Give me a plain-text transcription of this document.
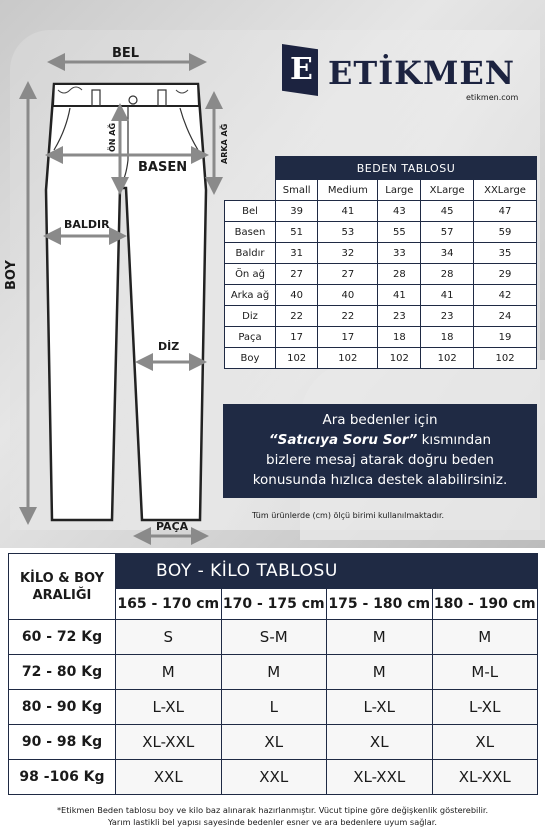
BEL
BOY
ÖN AĞ	ARKA AĞ
BASEN
BALDIR
DİZ
PAÇA
E ETİKMEN
etikmen.com
	BEDEN TABLOSU				
	Small	Medium	Large	XLarge	XXLarge
Bel	39	41	43	45	47
Basen	51	53	55	57	59
Baldır	31	32	33	34	35
Ön ağ	27	27	28	28	29
Arka ağ	40	40	41	41	42
Diz	22	22	23	23	24
Paça	17	17	18	18	19
Boy	102	102	102	102	102
Ara bedenler için
“Satıcıya Soru Sor” kısmından
bizlere mesaj atarak doğru beden
konusunda hızlıca destek alabilirsiniz.
Tüm ürünlerde (cm) ölçü birimi kullanılmaktadır.
KİLO & BOY
ARALIĞI	BOY - KİLO TABLOSU			
	165 - 170 cm	170 - 175 cm	175 - 180 cm	180 - 190 cm
60 - 72 Kg	S	S-M	M	M
72 - 80 Kg	M	M	M	M-L
80 - 90 Kg	L-XL	L	L-XL	L-XL
90 - 98 Kg	XL-XXL	XL	XL	XL
98 -106 Kg	XXL	XXL	XL-XXL	XL-XXL
*Etikmen Beden tablosu boy ve kilo baz alınarak hazırlanmıştır. Vücut tipine göre değişkenlik gösterebilir.
Yarım lastikli bel yapısı sayesinde bedenler esner ve ara bedenlere uyum sağlar.
